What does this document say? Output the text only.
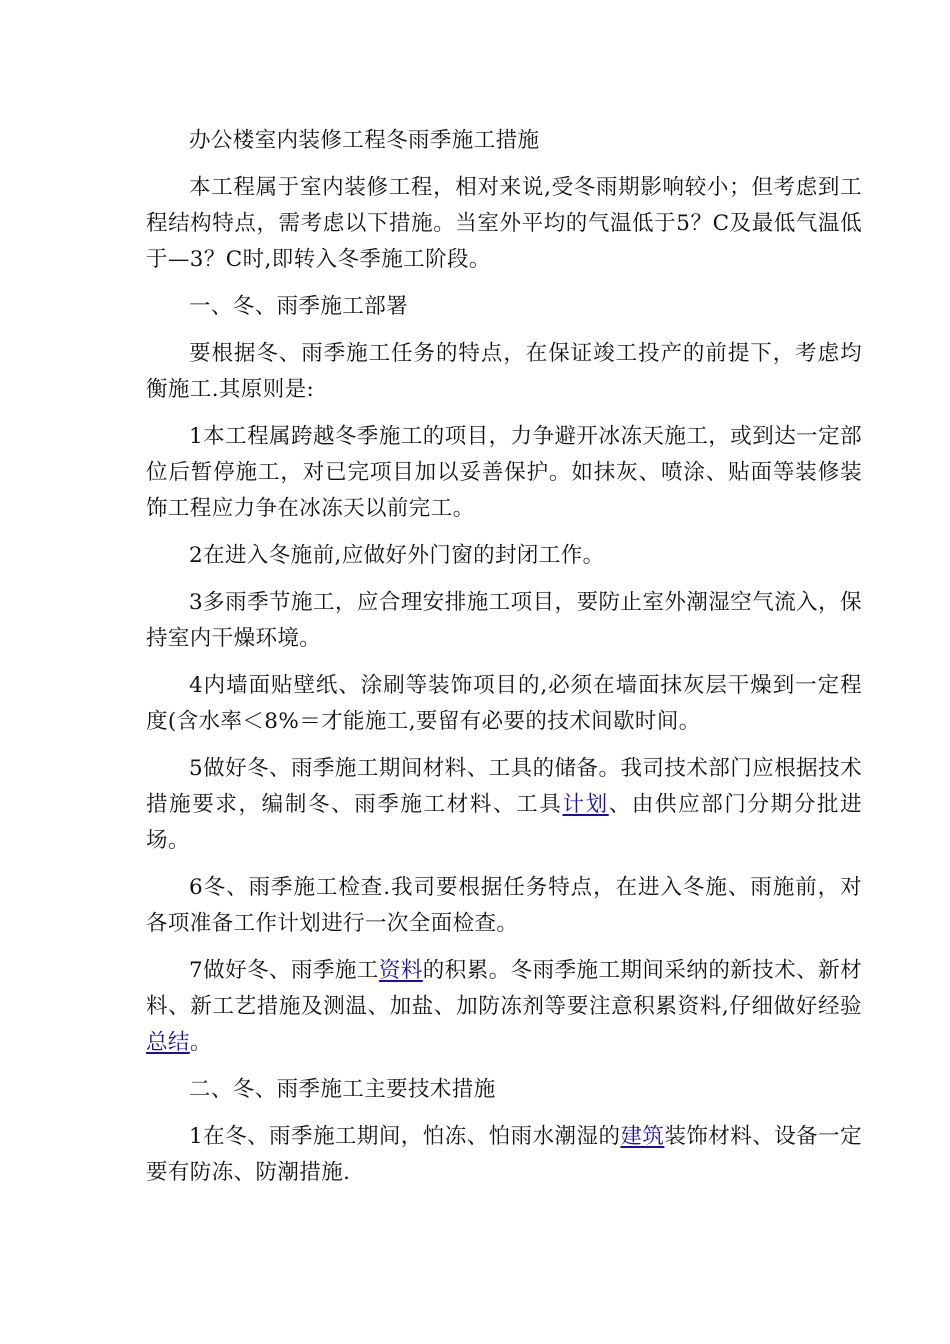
办公楼室内装修工程冬雨季施工措施

本工程属于室内装修工程，相对来说,受冬雨期影响较小；但考虑到工程结构特点，需考虑以下措施。当室外平均的气温低于5？C及最低气温低于—3？C时,即转入冬季施工阶段。

一、冬、雨季施工部署

要根据冬、雨季施工任务的特点，在保证竣工投产的前提下，考虑均衡施工.其原则是:

1本工程属跨越冬季施工的项目，力争避开冰冻天施工，或到达一定部位后暂停施工，对已完项目加以妥善保护。如抹灰、喷涂、贴面等装修装饰工程应力争在冰冻天以前完工。

2在进入冬施前,应做好外门窗的封闭工作。

3多雨季节施工，应合理安排施工项目，要防止室外潮湿空气流入，保持室内干燥环境。

4内墙面贴壁纸、涂刷等装饰项目的,必须在墙面抹灰层干燥到一定程度(含水率＜8%＝才能施工,要留有必要的技术间歇时间。

5做好冬、雨季施工期间材料、工具的储备。我司技术部门应根据技术措施要求，编制冬、雨季施工材料、工具计划、由供应部门分期分批进场。

6冬、雨季施工检查.我司要根据任务特点，在进入冬施、雨施前，对各项准备工作计划进行一次全面检查。

7做好冬、雨季施工资料的积累。冬雨季施工期间采纳的新技术、新材料、新工艺措施及测温、加盐、加防冻剂等要注意积累资料,仔细做好经验总结。

二、冬、雨季施工主要技术措施

1在冬、雨季施工期间，怕冻、怕雨水潮湿的建筑装饰材料、设备一定要有防冻、防潮措施.
